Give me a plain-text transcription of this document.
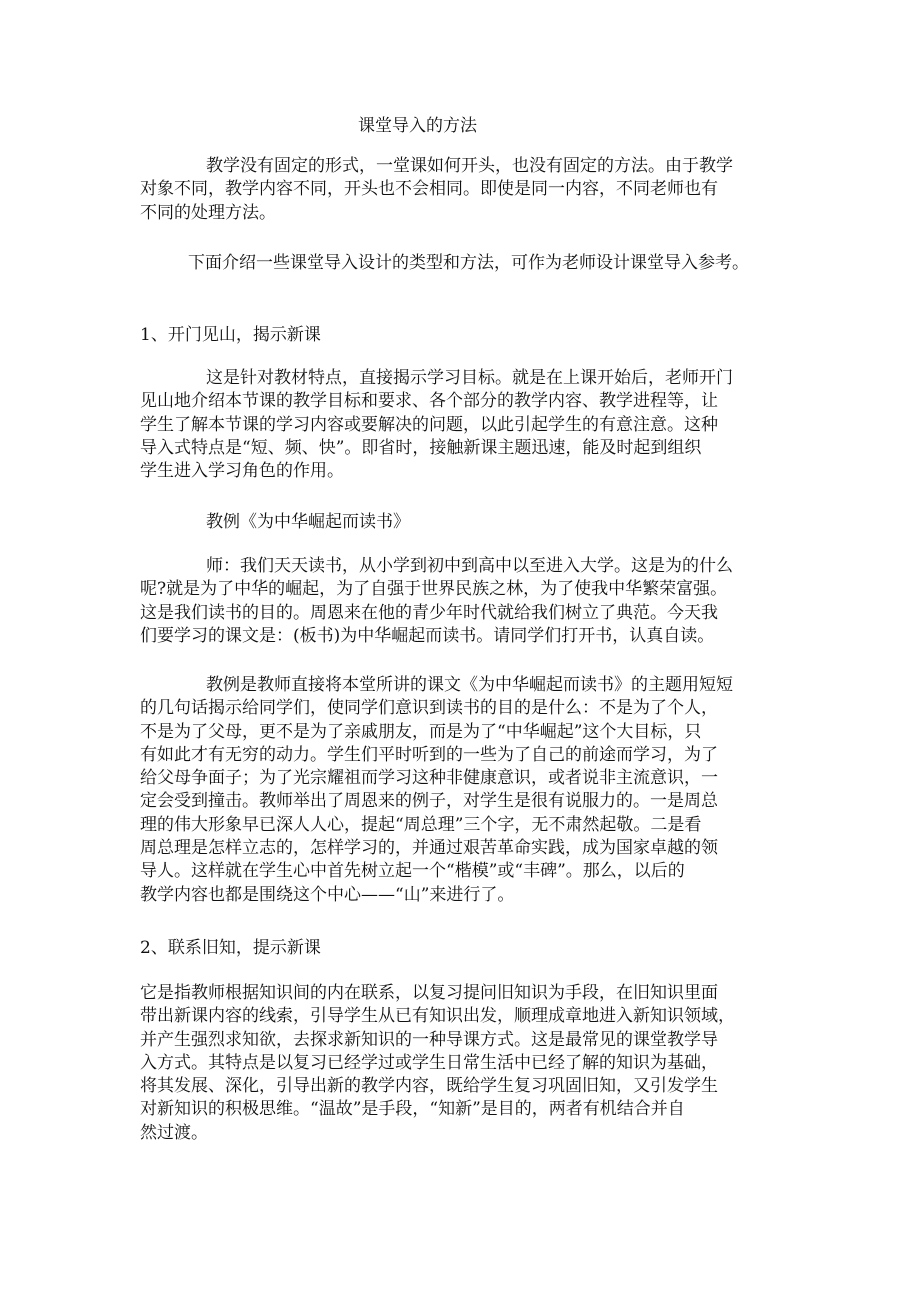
课堂导入的方法

教学没有固定的形式，一堂课如何开头，也没有固定的方法。由于教学
对象不同，教学内容不同，开头也不会相同。即使是同一内容，不同老师也有
不同的处理方法。

下面介绍一些课堂导入设计的类型和方法，可作为老师设计课堂导入参考。

1、开门见山，揭示新课

这是针对教材特点，直接揭示学习目标。就是在上课开始后，老师开门
见山地介绍本节课的教学目标和要求、各个部分的教学内容、教学进程等，让
学生了解本节课的学习内容或要解决的问题，以此引起学生的有意注意。这种
导入式特点是“短、频、快”。即省时，接触新课主题迅速，能及时起到组织
学生进入学习角色的作用。

教例《为中华崛起而读书》

师：我们天天读书，从小学到初中到高中以至进入大学。这是为的什么
呢?就是为了中华的崛起，为了自强于世界民族之林，为了使我中华繁荣富强。
这是我们读书的目的。周恩来在他的青少年时代就给我们树立了典范。今天我
们要学习的课文是：(板书)为中华崛起而读书。请同学们打开书，认真自读。

教例是教师直接将本堂所讲的课文《为中华崛起而读书》的主题用短短
的几句话揭示给同学们，使同学们意识到读书的目的是什么：不是为了个人，
不是为了父母，更不是为了亲戚朋友，而是为了“中华崛起”这个大目标，只
有如此才有无穷的动力。学生们平时听到的一些为了自己的前途而学习，为了
给父母争面子；为了光宗耀祖而学习这种非健康意识，或者说非主流意识，一
定会受到撞击。教师举出了周恩来的例子，对学生是很有说服力的。一是周总
理的伟大形象早已深人人心，提起“周总理”三个字，无不肃然起敬。二是看
周总理是怎样立志的，怎样学习的，并通过艰苦革命实践，成为国家卓越的领
导人。这样就在学生心中首先树立起一个“楷模”或“丰碑”。那么，以后的
教学内容也都是围绕这个中心——“山”来进行了。

2、联系旧知，提示新课

它是指教师根据知识间的内在联系，以复习提问旧知识为手段，在旧知识里面
带出新课内容的线索，引导学生从已有知识出发，顺理成章地进入新知识领域，
并产生强烈求知欲，去探求新知识的一种导课方式。这是最常见的课堂教学导
入方式。其特点是以复习已经学过或学生日常生活中已经了解的知识为基础，
将其发展、深化，引导出新的教学内容，既给学生复习巩固旧知，又引发学生
对新知识的积极思维。“温故”是手段，“知新”是目的，两者有机结合并自
然过渡。
